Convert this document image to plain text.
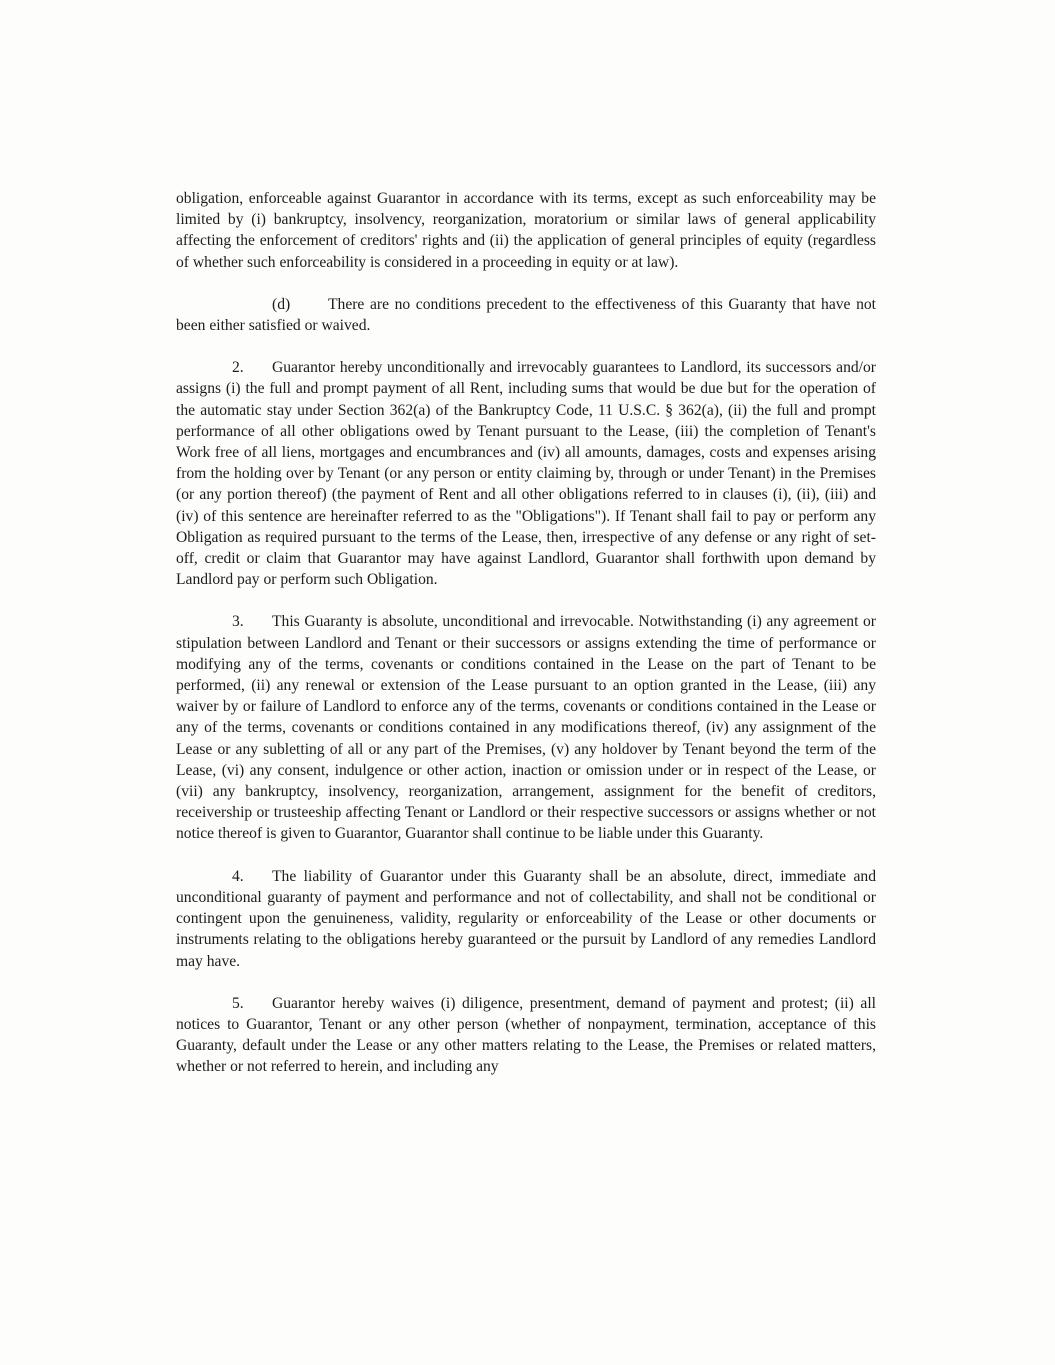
obligation, enforceable against Guarantor in accordance with its terms, except as such enforceability may be limited by (i) bankruptcy, insolvency, reorganization, moratorium or similar laws of general applicability affecting the enforcement of creditors' rights and (ii) the application of general principles of equity (regardless of whether such enforceability is considered in a proceeding in equity or at law).

(d) There are no conditions precedent to the effectiveness of this Guaranty that have not been either satisfied or waived.

2. Guarantor hereby unconditionally and irrevocably guarantees to Landlord, its successors and/or assigns (i) the full and prompt payment of all Rent, including sums that would be due but for the operation of the automatic stay under Section 362(a) of the Bankruptcy Code, 11 U.S.C. § 362(a), (ii) the full and prompt performance of all other obligations owed by Tenant pursuant to the Lease, (iii) the completion of Tenant's Work free of all liens, mortgages and encumbrances and (iv) all amounts, damages, costs and expenses arising from the holding over by Tenant (or any person or entity claiming by, through or under Tenant) in the Premises (or any portion thereof) (the payment of Rent and all other obligations referred to in clauses (i), (ii), (iii) and (iv) of this sentence are hereinafter referred to as the "Obligations"). If Tenant shall fail to pay or perform any Obligation as required pursuant to the terms of the Lease, then, irrespective of any defense or any right of set-off, credit or claim that Guarantor may have against Landlord, Guarantor shall forthwith upon demand by Landlord pay or perform such Obligation.

3. This Guaranty is absolute, unconditional and irrevocable. Notwithstanding (i) any agreement or stipulation between Landlord and Tenant or their successors or assigns extending the time of performance or modifying any of the terms, covenants or conditions contained in the Lease on the part of Tenant to be performed, (ii) any renewal or extension of the Lease pursuant to an option granted in the Lease, (iii) any waiver by or failure of Landlord to enforce any of the terms, covenants or conditions contained in the Lease or any of the terms, covenants or conditions contained in any modifications thereof, (iv) any assignment of the Lease or any subletting of all or any part of the Premises, (v) any holdover by Tenant beyond the term of the Lease, (vi) any consent, indulgence or other action, inaction or omission under or in respect of the Lease, or (vii) any bankruptcy, insolvency, reorganization, arrangement, assignment for the benefit of creditors, receivership or trusteeship affecting Tenant or Landlord or their respective successors or assigns whether or not notice thereof is given to Guarantor, Guarantor shall continue to be liable under this Guaranty.

4. The liability of Guarantor under this Guaranty shall be an absolute, direct, immediate and unconditional guaranty of payment and performance and not of collectability, and shall not be conditional or contingent upon the genuineness, validity, regularity or enforceability of the Lease or other documents or instruments relating to the obligations hereby guaranteed or the pursuit by Landlord of any remedies Landlord may have.

5. Guarantor hereby waives (i) diligence, presentment, demand of payment and protest; (ii) all notices to Guarantor, Tenant or any other person (whether of nonpayment, termination, acceptance of this Guaranty, default under the Lease or any other matters relating to the Lease, the Premises or related matters, whether or not referred to herein, and including any
